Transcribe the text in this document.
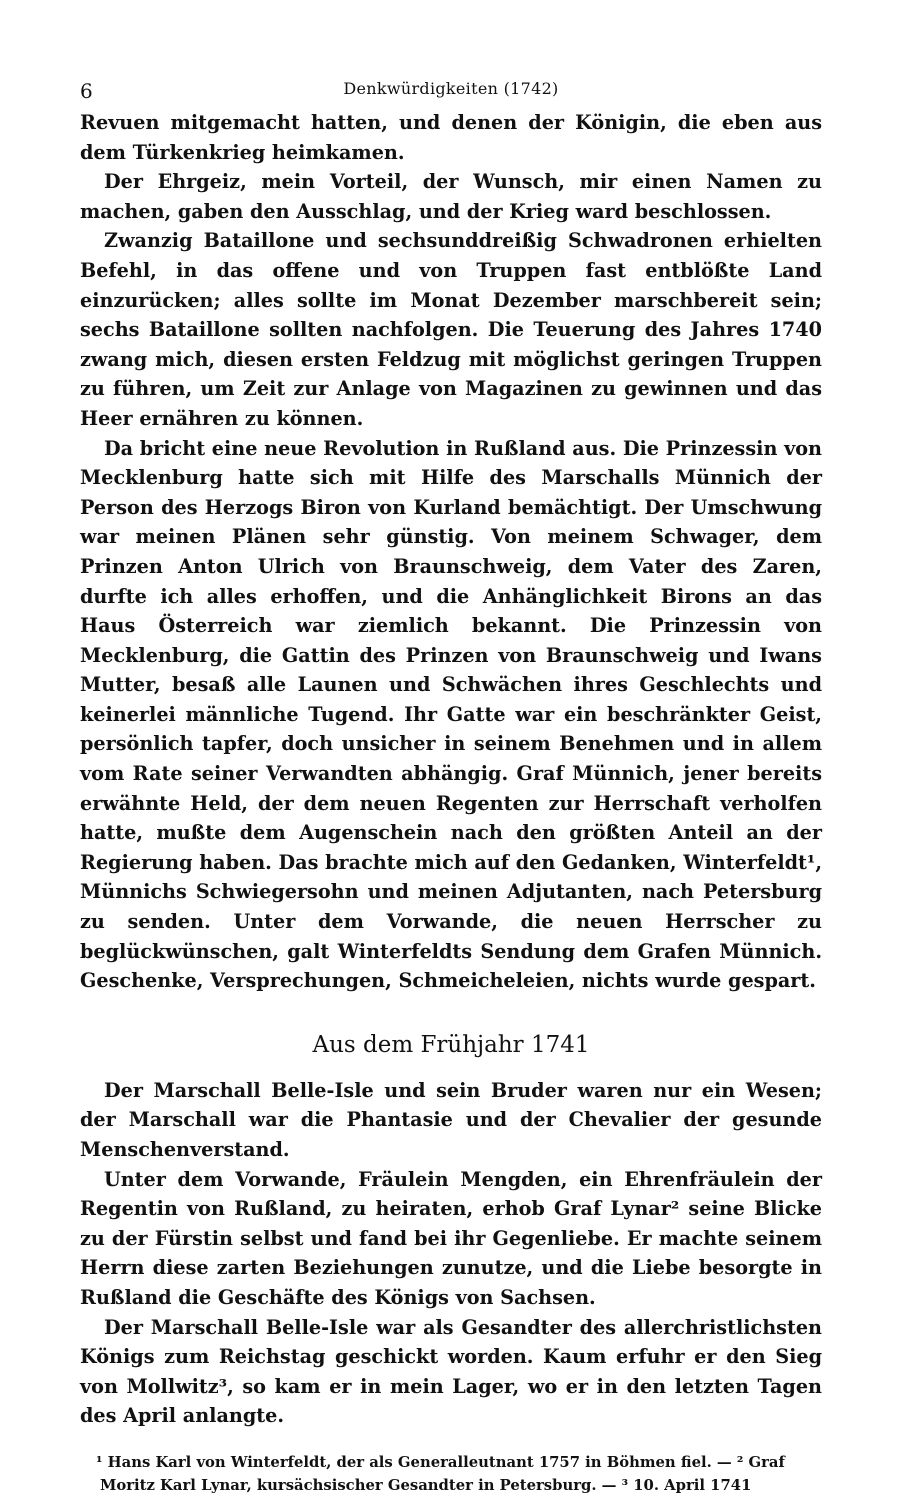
6	Denkwürdigkeiten (1742)

Revuen mitgemacht hatten, und denen der Königin, die eben aus dem Türkenkrieg heimkamen.

Der Ehrgeiz, mein Vorteil, der Wunsch, mir einen Namen zu machen, gaben den Ausschlag, und der Krieg ward beschlossen.

Zwanzig Bataillone und sechsunddreißig Schwadronen erhielten Befehl, in das offene und von Truppen fast entblößte Land einzurücken; alles sollte im Monat Dezember marschbereit sein; sechs Bataillone sollten nachfolgen. Die Teuerung des Jahres 1740 zwang mich, diesen ersten Feldzug mit möglichst geringen Truppen zu führen, um Zeit zur Anlage von Magazinen zu gewinnen und das Heer ernähren zu können.

Da bricht eine neue Revolution in Rußland aus. Die Prinzessin von Mecklenburg hatte sich mit Hilfe des Marschalls Münnich der Person des Herzogs Biron von Kurland bemächtigt. Der Umschwung war meinen Plänen sehr günstig. Von meinem Schwager, dem Prinzen Anton Ulrich von Braunschweig, dem Vater des Zaren, durfte ich alles erhoffen, und die Anhänglichkeit Birons an das Haus Österreich war ziemlich bekannt. Die Prinzessin von Mecklenburg, die Gattin des Prinzen von Braunschweig und Iwans Mutter, besaß alle Launen und Schwächen ihres Geschlechts und keinerlei männliche Tugend. Ihr Gatte war ein beschränkter Geist, persönlich tapfer, doch unsicher in seinem Benehmen und in allem vom Rate seiner Verwandten abhängig. Graf Münnich, jener bereits erwähnte Held, der dem neuen Regenten zur Herrschaft verholfen hatte, mußte dem Augenschein nach den größten Anteil an der Regierung haben. Das brachte mich auf den Gedanken, Winterfeldt¹, Münnichs Schwiegersohn und meinen Adjutanten, nach Petersburg zu senden. Unter dem Vorwande, die neuen Herrscher zu beglückwünschen, galt Winterfeldts Sendung dem Grafen Münnich. Geschenke, Versprechungen, Schmeicheleien, nichts wurde gespart.

Aus dem Frühjahr 1741

Der Marschall Belle-Isle und sein Bruder waren nur ein Wesen; der Marschall war die Phantasie und der Chevalier der gesunde Menschenverstand.

Unter dem Vorwande, Fräulein Mengden, ein Ehrenfräulein der Regentin von Rußland, zu heiraten, erhob Graf Lynar² seine Blicke zu der Fürstin selbst und fand bei ihr Gegenliebe. Er machte seinem Herrn diese zarten Beziehungen zunutze, und die Liebe besorgte in Rußland die Geschäfte des Königs von Sachsen.

Der Marschall Belle-Isle war als Gesandter des allerchristlichsten Königs zum Reichstag geschickt worden. Kaum erfuhr er den Sieg von Mollwitz³, so kam er in mein Lager, wo er in den letzten Tagen des April anlangte.

¹ Hans Karl von Winterfeldt, der als Generalleutnant 1757 in Böhmen fiel. — ² Graf Moritz Karl Lynar, kursächsischer Gesandter in Petersburg. — ³ 10. April 1741
